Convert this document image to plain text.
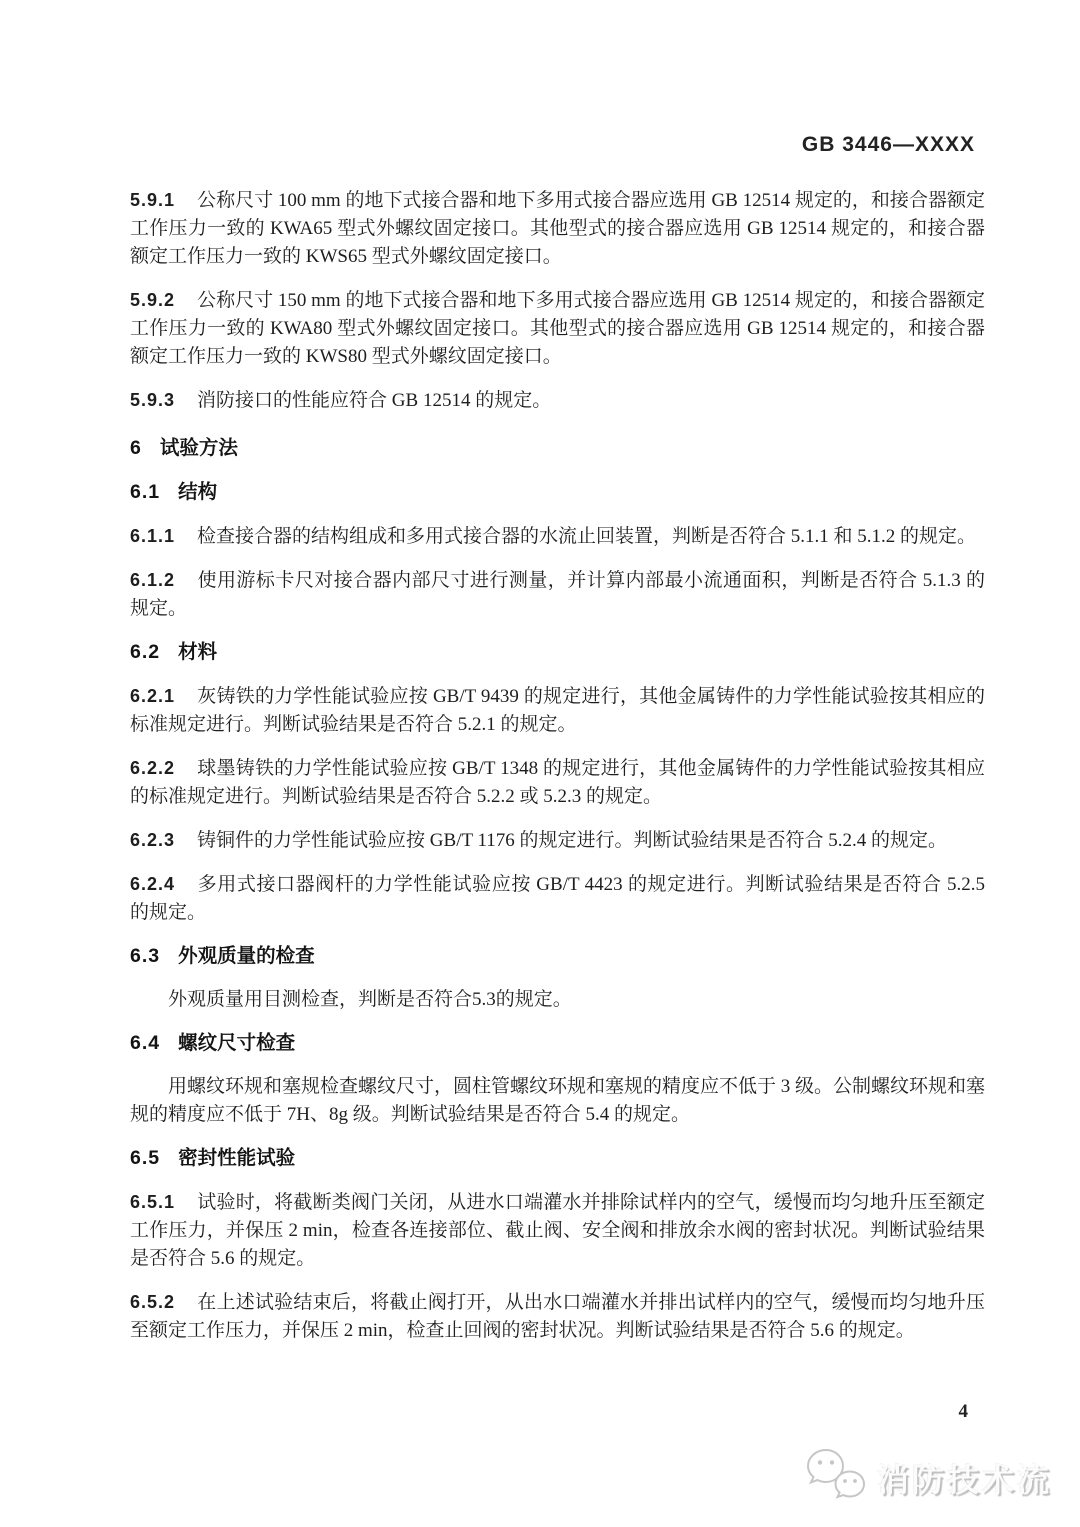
GB 3446—XXXX

5.9.1 公称尺寸 100 mm 的地下式接合器和地下多用式接合器应选用 GB 12514 规定的，和接合器额定工作压力一致的 KWA65 型式外螺纹固定接口。其他型式的接合器应选用 GB 12514 规定的，和接合器额定工作压力一致的 KWS65 型式外螺纹固定接口。

5.9.2 公称尺寸 150 mm 的地下式接合器和地下多用式接合器应选用 GB 12514 规定的，和接合器额定工作压力一致的 KWA80 型式外螺纹固定接口。其他型式的接合器应选用 GB 12514 规定的，和接合器额定工作压力一致的 KWS80 型式外螺纹固定接口。

5.9.3 消防接口的性能应符合 GB 12514 的规定。

6 试验方法
6.1 结构

6.1.1 检查接合器的结构组成和多用式接合器的水流止回装置，判断是否符合 5.1.1 和 5.1.2 的规定。

6.1.2 使用游标卡尺对接合器内部尺寸进行测量，并计算内部最小流通面积，判断是否符合 5.1.3 的规定。

6.2 材料

6.2.1 灰铸铁的力学性能试验应按 GB/T 9439 的规定进行，其他金属铸件的力学性能试验按其相应的标准规定进行。判断试验结果是否符合 5.2.1 的规定。

6.2.2 球墨铸铁的力学性能试验应按 GB/T 1348 的规定进行，其他金属铸件的力学性能试验按其相应的标准规定进行。判断试验结果是否符合 5.2.2 或 5.2.3 的规定。

6.2.3 铸铜件的力学性能试验应按 GB/T 1176 的规定进行。判断试验结果是否符合 5.2.4 的规定。

6.2.4 多用式接口器阀杆的力学性能试验应按 GB/T 4423 的规定进行。判断试验结果是否符合 5.2.5 的规定。

6.3 外观质量的检查

外观质量用目测检查，判断是否符合5.3的规定。

6.4 螺纹尺寸检查

用螺纹环规和塞规检查螺纹尺寸，圆柱管螺纹环规和塞规的精度应不低于 3 级。公制螺纹环规和塞规的精度应不低于 7H、8g 级。判断试验结果是否符合 5.4 的规定。

6.5 密封性能试验

6.5.1 试验时，将截断类阀门关闭，从进水口端灌水并排除试样内的空气，缓慢而均匀地升压至额定工作压力，并保压 2 min，检查各连接部位、截止阀、安全阀和排放余水阀的密封状况。判断试验结果是否符合 5.6 的规定。

6.5.2 在上述试验结束后，将截止阀打开，从出水口端灌水并排出试样内的空气，缓慢而均匀地升压至额定工作压力，并保压 2 min，检查止回阀的密封状况。判断试验结果是否符合 5.6 的规定。

4
消防技术流
